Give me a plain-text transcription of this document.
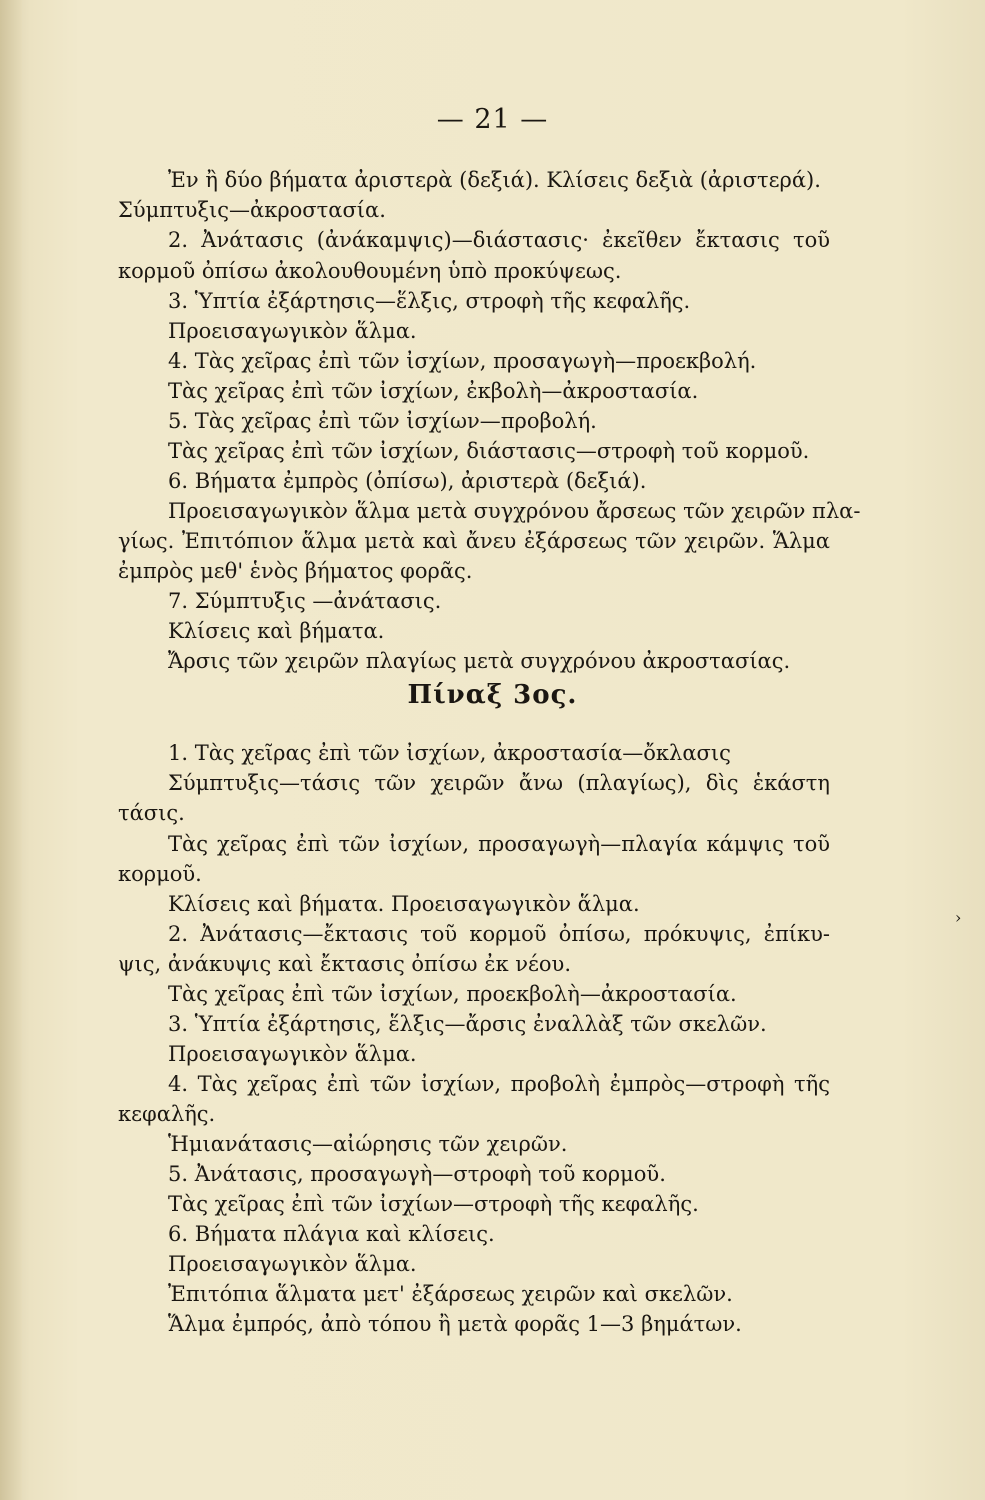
— 21 —
Ἐν ἢ δύο βήματα ἀριστερὰ (δεξιά). Κλίσεις δεξιὰ (ἀριστερά).
Σύμπτυξις—ἀκροστασία.
2. Ἀνάτασις (ἀνάκαμψις)—διάστασις· ἐκεῖθεν ἔκτασις τοῦ
κορμοῦ ὀπίσω ἀκολουθουμένη ὑπὸ προκύψεως.
3. Ὑπτία ἐξάρτησις—ἕλξις, στροφὴ τῆς κεφαλῆς.
Προεισαγωγικὸν ἅλμα.
4. Τὰς χεῖρας ἐπὶ τῶν ἰσχίων, προσαγωγὴ—προεκβολή.
Τὰς χεῖρας ἐπὶ τῶν ἰσχίων, ἐκβολὴ—ἀκροστασία.
5. Τὰς χεῖρας ἐπὶ τῶν ἰσχίων—προβολή.
Τὰς χεῖρας ἐπὶ τῶν ἰσχίων, διάστασις—στροφὴ τοῦ κορμοῦ.
6. Βήματα ἐμπρὸς (ὀπίσω), ἀριστερὰ (δεξιά).
Προεισαγωγικὸν ἅλμα μετὰ συγχρόνου ἄρσεως τῶν χειρῶν πλα-
γίως. Ἐπιτόπιον ἅλμα μετὰ καὶ ἄνευ ἐξάρσεως τῶν χειρῶν. Ἅλμα
ἐμπρὸς μεθ' ἑνὸς βήματος φορᾶς.
7. Σύμπτυξις —ἀνάτασις.
Κλίσεις καὶ βήματα.
Ἄρσις τῶν χειρῶν πλαγίως μετὰ συγχρόνου ἀκροστασίας.
Πίναξ 3ος.
1. Τὰς χεῖρας ἐπὶ τῶν ἰσχίων, ἀκροστασία—ὄκλασις
Σύμπτυξις—τάσις τῶν χειρῶν ἄνω (πλαγίως), δὶς ἑκάστη
τάσις.
Τὰς χεῖρας ἐπὶ τῶν ἰσχίων, προσαγωγὴ—πλαγία κάμψις τοῦ
κορμοῦ.
Κλίσεις καὶ βήματα. Προεισαγωγικὸν ἅλμα.
2. Ἀνάτασις—ἔκτασις τοῦ κορμοῦ ὀπίσω, πρόκυψις, ἐπίκυ-
ψις, ἀνάκυψις καὶ ἔκτασις ὀπίσω ἐκ νέου.
Τὰς χεῖρας ἐπὶ τῶν ἰσχίων, προεκβολὴ—ἀκροστασία.
3. Ὑπτία ἐξάρτησις, ἕλξις—ἄρσις ἐναλλὰξ τῶν σκελῶν.
Προεισαγωγικὸν ἅλμα.
4. Τὰς χεῖρας ἐπὶ τῶν ἰσχίων, προβολὴ ἐμπρὸς—στροφὴ τῆς
κεφαλῆς.
Ἡμιανάτασις—αἰώρησις τῶν χειρῶν.
5. Ἀνάτασις, προσαγωγὴ—στροφὴ τοῦ κορμοῦ.
Τὰς χεῖρας ἐπὶ τῶν ἰσχίων—στροφὴ τῆς κεφαλῆς.
6. Βήματα πλάγια καὶ κλίσεις.
Προεισαγωγικὸν ἅλμα.
Ἐπιτόπια ἅλματα μετ' ἐξάρσεως χειρῶν καὶ σκελῶν.
Ἅλμα ἐμπρός, ἀπὸ τόπου ἢ μετὰ φορᾶς 1—3 βημάτων.
›
